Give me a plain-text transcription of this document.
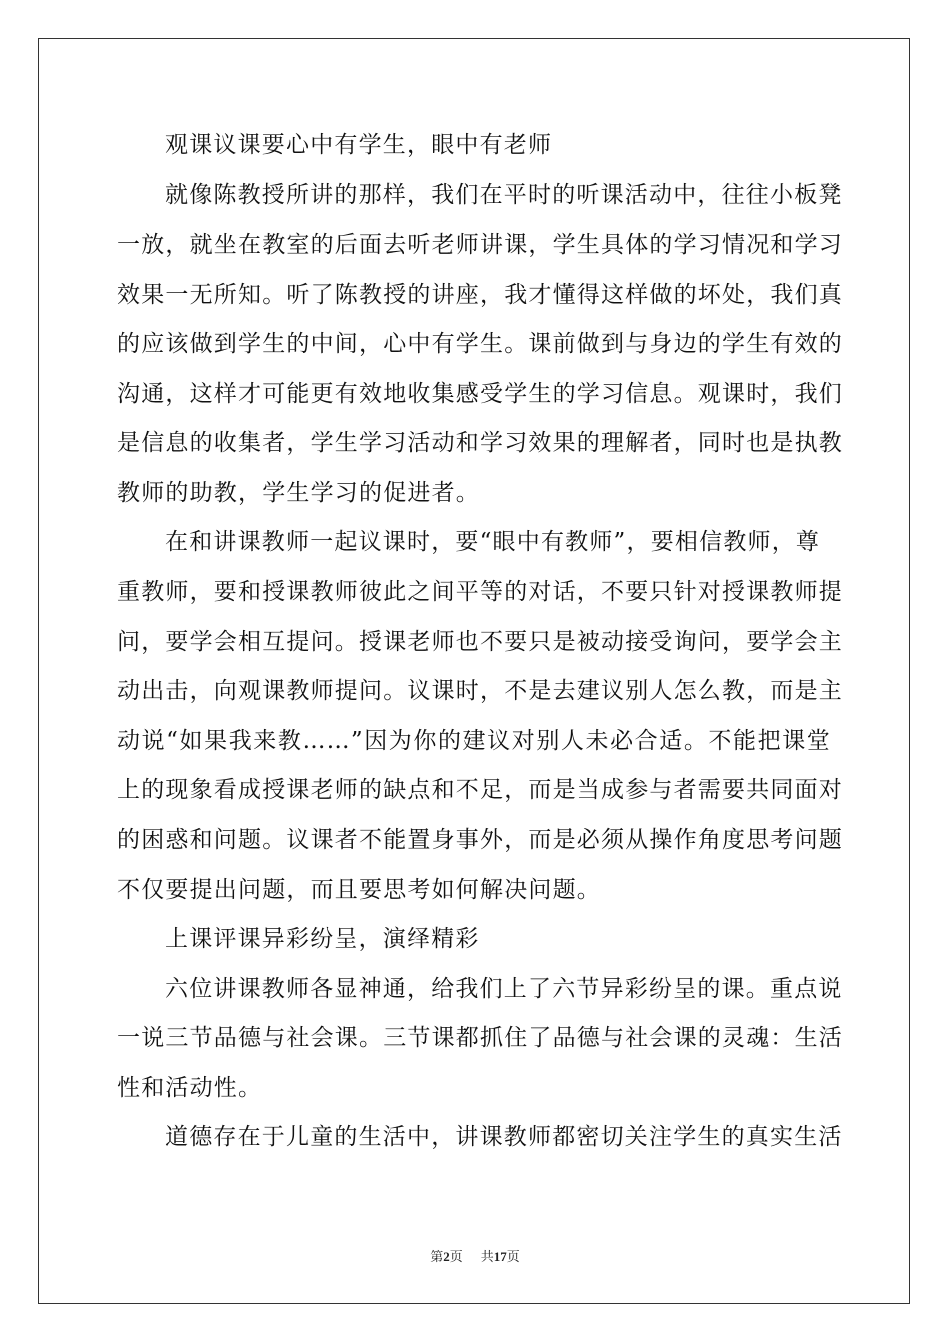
观课议课要心中有学生，眼中有老师
就像陈教授所讲的那样，我们在平时的听课活动中，往往小板凳
一放，就坐在教室的后面去听老师讲课，学生具体的学习情况和学习
效果一无所知。听了陈教授的讲座，我才懂得这样做的坏处，我们真
的应该做到学生的中间，心中有学生。课前做到与身边的学生有效的
沟通，这样才可能更有效地收集感受学生的学习信息。观课时，我们
是信息的收集者，学生学习活动和学习效果的理解者，同时也是执教
教师的助教，学生学习的促进者。
在和讲课教师一起议课时，要“眼中有教师”，要相信教师，尊
重教师，要和授课教师彼此之间平等的对话，不要只针对授课教师提
问，要学会相互提问。授课老师也不要只是被动接受询问，要学会主
动出击，向观课教师提问。议课时，不是去建议别人怎么教，而是主
动说“如果我来教……”因为你的建议对别人未必合适。不能把课堂
上的现象看成授课老师的缺点和不足，而是当成参与者需要共同面对
的困惑和问题。议课者不能置身事外，而是必须从操作角度思考问题
不仅要提出问题，而且要思考如何解决问题。
上课评课异彩纷呈，演绎精彩
六位讲课教师各显神通，给我们上了六节异彩纷呈的课。重点说
一说三节品德与社会课。三节课都抓住了品德与社会课的灵魂：生活
性和活动性。
道德存在于儿童的生活中，讲课教师都密切关注学生的真实生活
第2页 共17页
